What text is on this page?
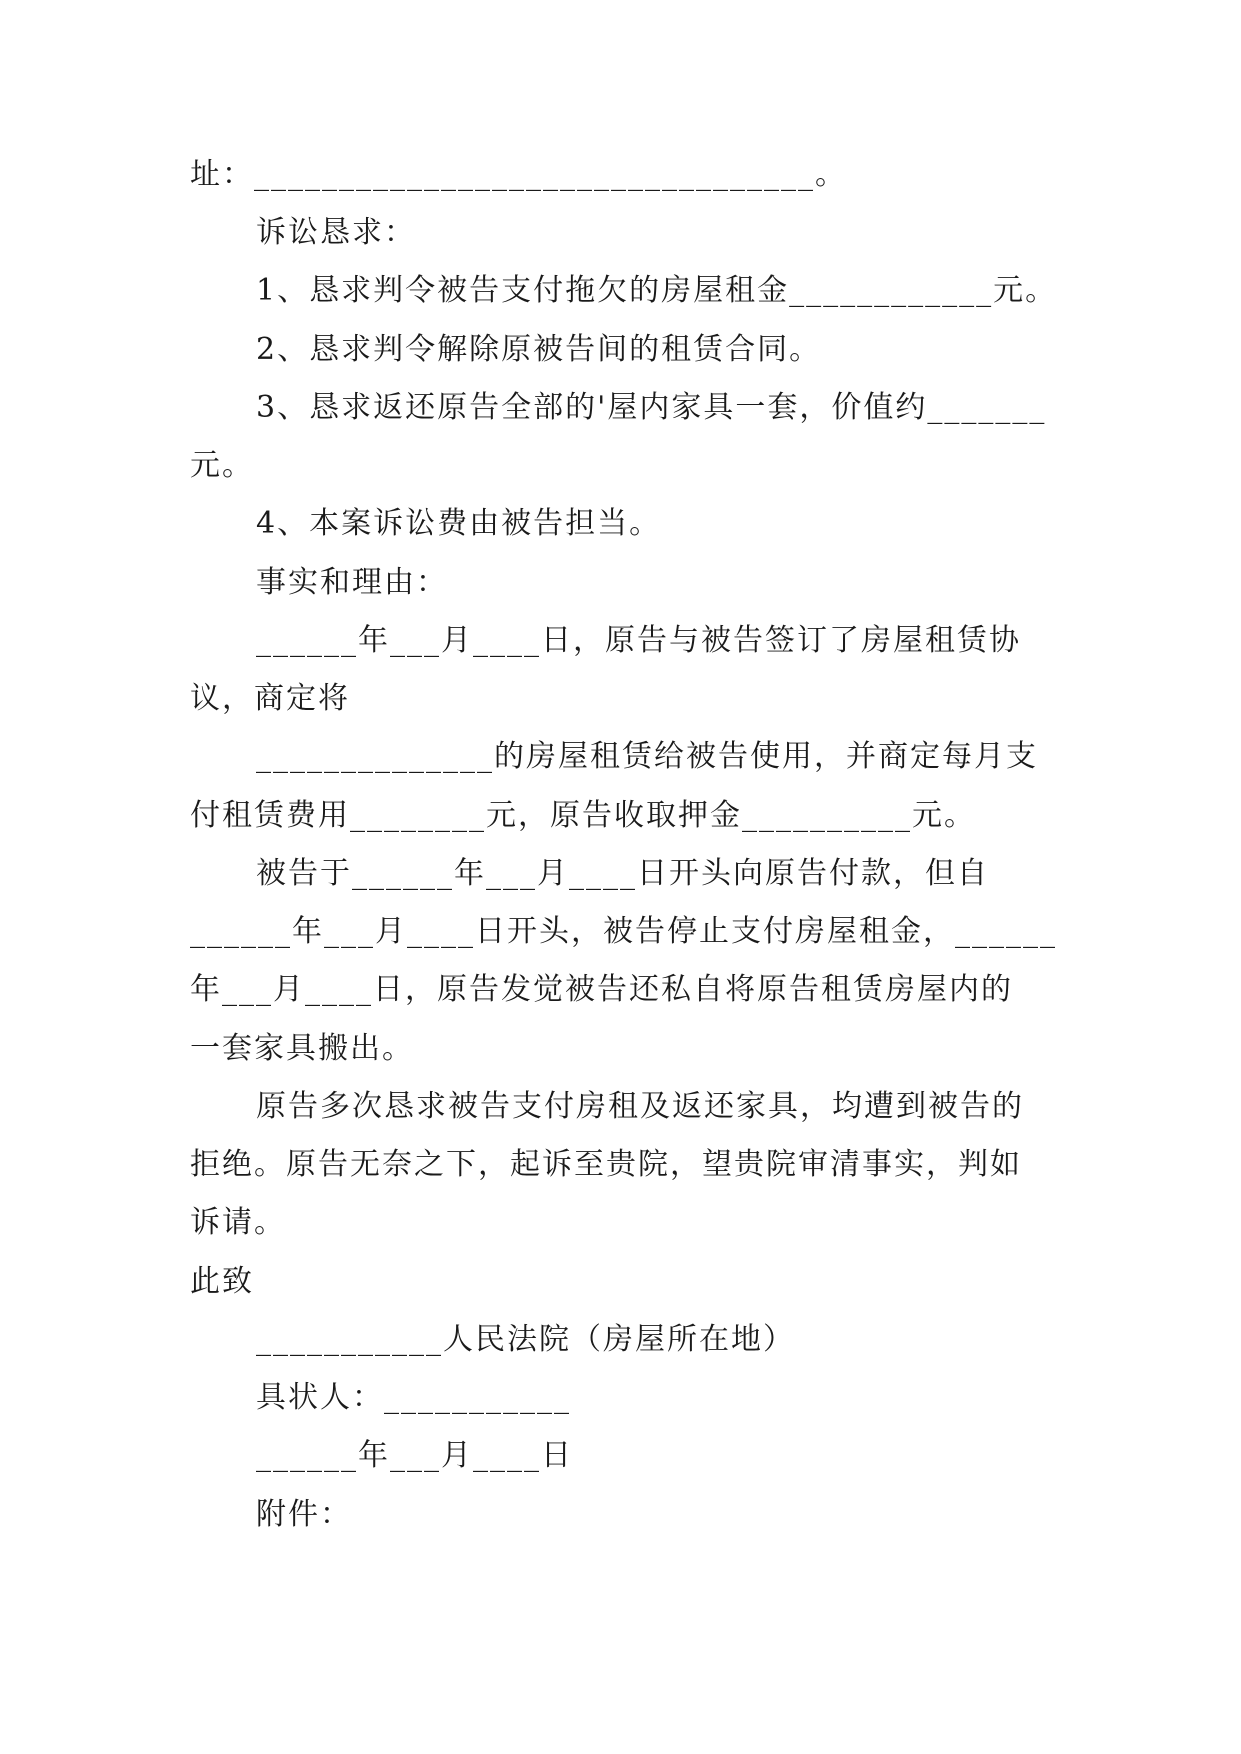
址：_________________________________。
诉讼恳求：
1、恳求判令被告支付拖欠的房屋租金____________元。
2、恳求判令解除原被告间的租赁合同。
3、恳求返还原告全部的'屋内家具一套，价值约_______
元。
4、本案诉讼费由被告担当。
事实和理由：
______年___月____日，原告与被告签订了房屋租赁协
议，商定将
______________的房屋租赁给被告使用，并商定每月支
付租赁费用________元，原告收取押金__________元。
被告于______年___月____日开头向原告付款，但自
______年___月____日开头，被告停止支付房屋租金，______
年___月____日，原告发觉被告还私自将原告租赁房屋内的
一套家具搬出。
原告多次恳求被告支付房租及返还家具，均遭到被告的
拒绝。原告无奈之下，起诉至贵院，望贵院审清事实，判如
诉请。
此致
___________人民法院（房屋所在地）
具状人：___________
______年___月____日
附件：
